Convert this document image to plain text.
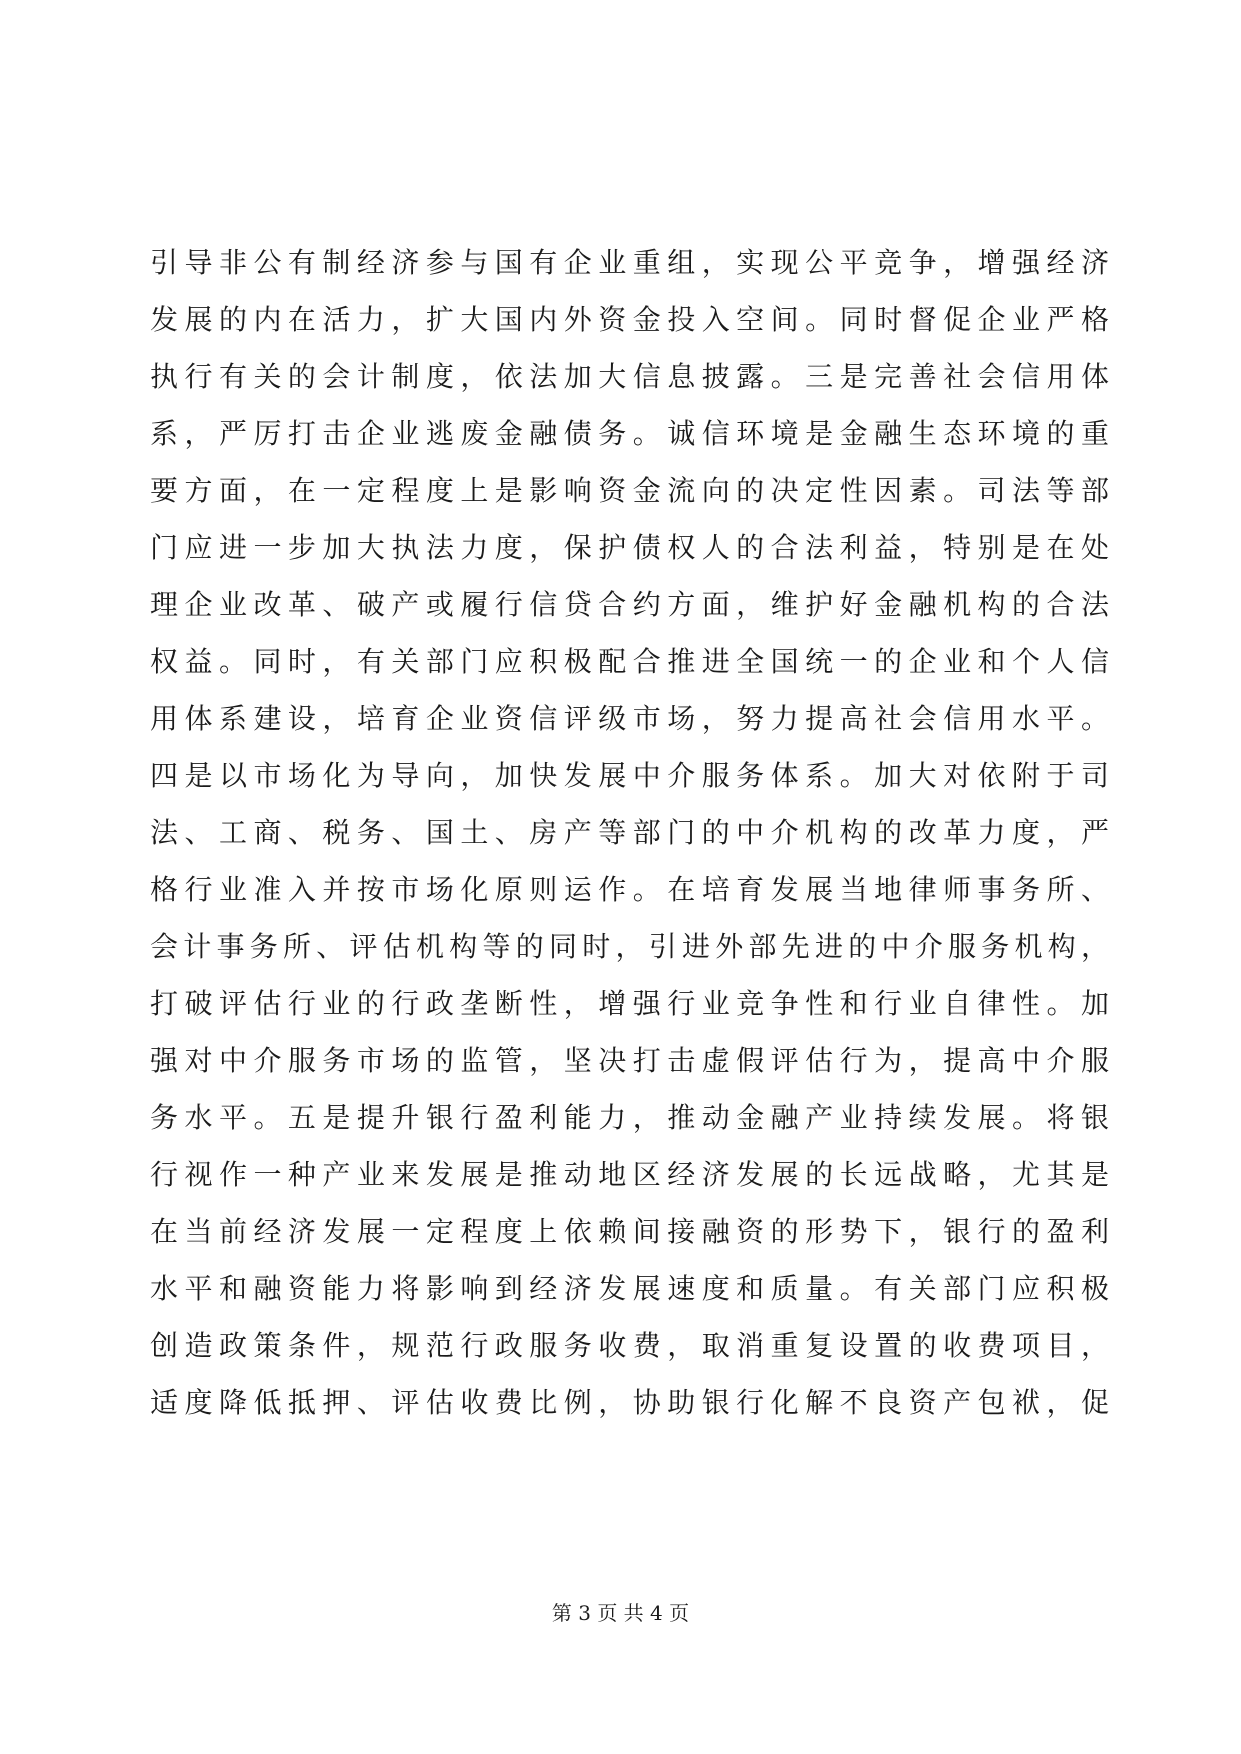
引导非公有制经济参与国有企业重组，实现公平竞争，增强经济
发展的内在活力，扩大国内外资金投入空间。同时督促企业严格
执行有关的会计制度，依法加大信息披露。三是完善社会信用体
系，严厉打击企业逃废金融债务。诚信环境是金融生态环境的重
要方面，在一定程度上是影响资金流向的决定性因素。司法等部
门应进一步加大执法力度，保护债权人的合法利益，特别是在处
理企业改革、破产或履行信贷合约方面，维护好金融机构的合法
权益。同时，有关部门应积极配合推进全国统一的企业和个人信
用体系建设，培育企业资信评级市场，努力提高社会信用水平。
四是以市场化为导向，加快发展中介服务体系。加大对依附于司
法、工商、税务、国土、房产等部门的中介机构的改革力度，严
格行业准入并按市场化原则运作。在培育发展当地律师事务所、
会计事务所、评估机构等的同时，引进外部先进的中介服务机构，
打破评估行业的行政垄断性，增强行业竞争性和行业自律性。加
强对中介服务市场的监管，坚决打击虚假评估行为，提高中介服
务水平。五是提升银行盈利能力，推动金融产业持续发展。将银
行视作一种产业来发展是推动地区经济发展的长远战略，尤其是
在当前经济发展一定程度上依赖间接融资的形势下，银行的盈利
水平和融资能力将影响到经济发展速度和质量。有关部门应积极
创造政策条件，规范行政服务收费，取消重复设置的收费项目，
适度降低抵押、评估收费比例，协助银行化解不良资产包袱，促
第 3 页 共 4 页
